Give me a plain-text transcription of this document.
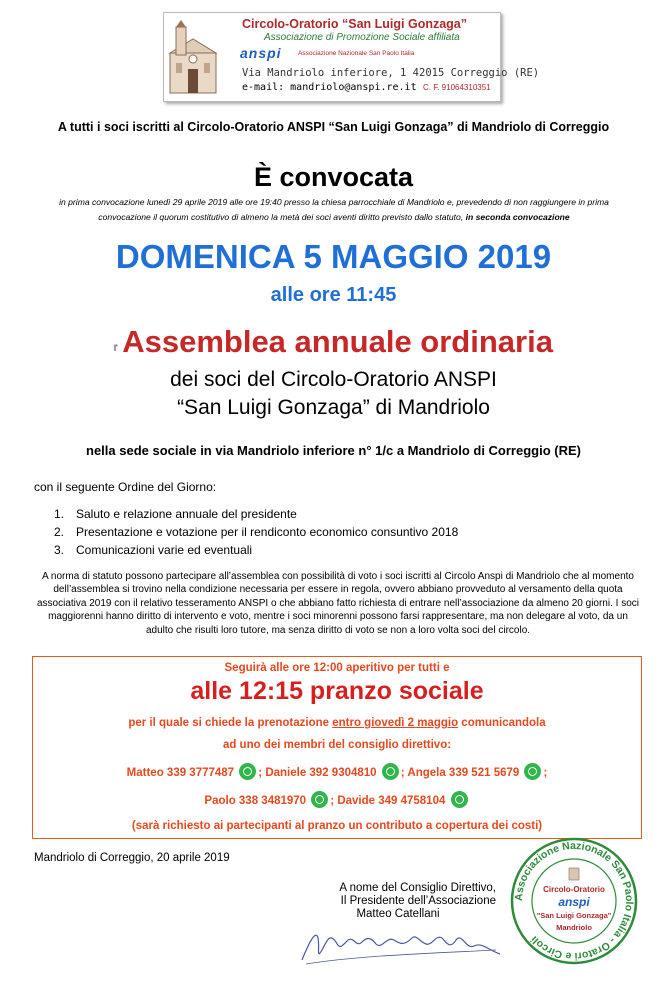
Circolo-Oratorio “San Luigi Gonzaga”
Associazione di Promozione Sociale affiliata
anspi	Associazione Nazionale San Paolo Italia
Via Mandriolo inferiore, 1 42015 Correggio (RE)
e-mail: mandriolo@anspi.re.it C. F. 91064310351
A tutti i soci iscritti al Circolo-Oratorio ANSPI “San Luigi Gonzaga” di Mandriolo di Correggio
È convocata
in prima convocazione lunedì 29 aprile 2019 alle ore 19:40 presso la chiesa parrocchiale di Mandriolo e, prevedendo di non raggiungere in prima
convocazione il quorum costitutivo di almeno la metà dei soci aventi diritto previsto dallo statuto, in seconda convocazione
DOMENICA 5 MAGGIO 2019
alle ore 11:45
l' Assemblea annuale ordinaria
dei soci del Circolo-Oratorio ANSPI
“San Luigi Gonzaga” di Mandriolo
nella sede sociale in via Mandriolo inferiore n° 1/c a Mandriolo di Correggio (RE)
con il seguente Ordine del Giorno:
1. Saluto e relazione annuale del presidente
2. Presentazione e votazione per il rendiconto economico consuntivo 2018
3. Comunicazioni varie ed eventuali
A norma di statuto possono partecipare all’assemblea con possibilità di voto i soci iscritti al Circolo Anspi di Mandriolo che al momento dell’assemblea si trovino nella condizione necessaria per essere in regola, ovvero abbiano provveduto al versamento della quota associativa 2019 con il relativo tesseramento ANSPI o che abbiano fatto richiesta di entrare nell’associazione da almeno 20 giorni. I soci maggiorenni hanno diritto di intervento e voto, mentre i soci minorenni possono farsi rappresentare, ma non delegare al voto, da un adulto che risulti loro tutore, ma senza diritto di voto se non a loro volta soci del circolo.
Seguirà alle ore 12:00 aperitivo per tutti e
alle 12:15 pranzo sociale
per il quale si chiede la prenotazione entro giovedì 2 maggio comunicandola
ad uno dei membri del consiglio direttivo:
Matteo 339 3777487 ; Daniele 392 9304810 ; Angela 339 521 5679 ;
Paolo 338 3481970 ; Davide 349 4758104
(sarà richiesto ai partecipanti al pranzo un contributo a copertura dei costi)
Mandriolo di Correggio, 20 aprile 2019
A nome del Consiglio Direttivo,
Il Presidente dell’Associazione
Matteo Catellani
Associazione Nazionale San Paolo Italia - Oratori e Circoli
Circolo-Oratorio
anspi
"San Luigi Gonzaga"
Mandriolo
